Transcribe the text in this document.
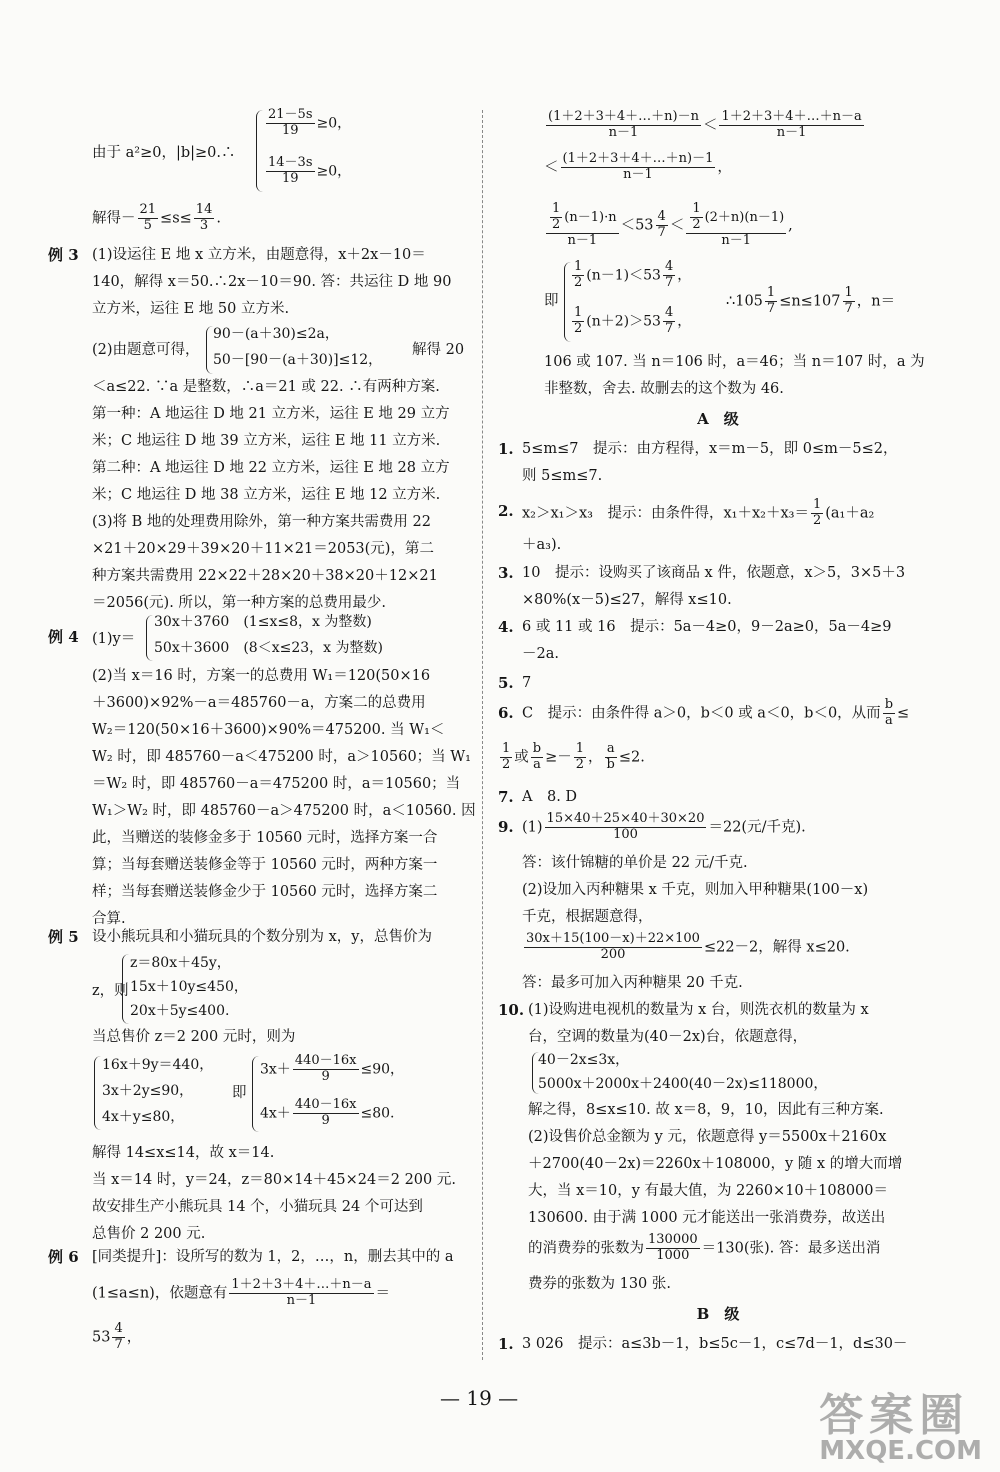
由于 a²≥0，|b|≥0.∴
$\frac{21-5s}{19} \ge 0$，
$\frac{14-3s}{19} \ge 0$，
解得－ $\frac{21}{5} \le s\le \frac{14}{3}$ .
例 3 (1)设运往 E 地 x 立方米，由题意得，x＋2x－10＝
140，解得 x＝50.∴2x－10＝90. 答：共运往 D 地 90
立方米，运往 E 地 50 立方米.
(2)由题意可得，
90－(a＋30)≤2a，
50－[90－(a＋30)]≤12，
解得 20
＜a≤22. ∵a 是整数，∴a＝21 或 22. ∴有两种方案.
第一种：A 地运往 D 地 21 立方米，运往 E 地 29 立方
米；C 地运往 D 地 39 立方米，运往 E 地 11 立方米.
第二种：A 地运往 D 地 22 立方米，运往 E 地 28 立方
米；C 地运往 D 地 38 立方米，运往 E 地 12 立方米.
(3)将 B 地的处理费用除外，第一种方案共需费用 22
×21＋20×29＋39×20＋11×21＝2053(元)，第二
种方案共需费用 22×22＋28×20＋38×20＋12×21
＝2056(元). 所以，第一种方案的总费用最少.
例 4 (1)y＝
30x＋3760　(1≤x≤8，x 为整数)
50x＋3600　(8＜x≤23，x 为整数)
(2)当 x＝16 时，方案一的总费用 W₁＝120(50×16
＋3600)×92%－a＝485760－a，方案二的总费用
W₂＝120(50×16＋3600)×90%＝475200. 当 W₁＜
W₂ 时，即 485760－a＜475200 时，a＞10560；当 W₁
＝W₂ 时，即 485760－a＝475200 时，a＝10560；当
W₁＞W₂ 时，即 485760－a＞475200 时，a＜10560. 因
此，当赠送的装修金多于 10560 元时，选择方案一合
算；当每套赠送装修金等于 10560 元时，两种方案一
样；当每套赠送装修金少于 10560 元时，选择方案二
合算.
例 5 设小熊玩具和小猫玩具的个数分别为 x，y，总售价为
z，则
z＝80x＋45y，
15x＋10y≤450，
20x＋5y≤400.
当总售价 z＝2 200 元时，则为
16x＋9y＝440，
3x＋2y≤90，
4x＋y≤80，
即
$3x+ \frac{440-16x}{9} \le 90$，
$4x+ \frac{440-16x}{9} \le 80$.
解得 14≤x≤14，故 x＝14.
当 x＝14 时，y＝24，z＝80×14＋45×24＝2 200 元.
故安排生产小熊玩具 14 个，小猫玩具 24 个可达到
总售价 2 200 元.
例 6 [同类提升]：设所写的数为 1，2，…，n，删去其中的 a
(1≤a≤n)，依题意有 $\frac{1+2+3+4+\dots+n-a}{n-1}$ ＝
$53 \frac{4}{7}$ ，
$\frac{(1+2+3+4+\dots+n)-n}{n-1} < \frac{1+2+3+4+\dots+n-a}{n-1}$
＜ $\frac{(1+2+3+4+\dots+n)-1}{n-1}$ ，
$\frac{\frac{1}{2} (n-1)\cdot n}{n-1} <53 \frac{4}{7} < \frac{\frac{1}{2} (2+n)(n-1)}{n-1}$ ,
即
$\frac{1}{2} (n-1)<53 \frac{4}{7}$ ，
$\frac{1}{2} (n+2)>53 \frac{4}{7}$ ，
∴105 $\frac{1}{7} \le n\le 107 \frac{1}{7}$ ，n＝
106 或 107. 当 n＝106 时，a＝46；当 n＝107 时，a 为
非整数，舍去. 故删去的这个数为 46.
A　级
1. 5≤m≤7　提示：由方程得，x＝m－5，即 0≤m－5≤2，
则 5≤m≤7.
2. x₂＞x₁＞x₃　提示：由条件得，$x_1+x_2+x_3= \frac{1}{2} (a_1+a_2$
＋a₃).
3. 10　提示：设购买了该商品 x 件，依题意，x＞5，3×5＋3
×80%(x－5)≤27，解得 x≤10.
4. 6 或 11 或 16　提示：5a－4≥0，9－2a≥0，5a－4≥9
－2a.
5. 7
6. C　提示：由条件得 a＞0，b＜0 或 a＜0，b＜0，从而 $\frac{b}{a}$ ≤
$\frac{1}{2}$ 或 $\frac{b}{a} \ge- \frac{1}{2}$ ， $\frac{a}{b} \le 2$.
7. A　8. D
9. $(1) \frac{15\times 40+25\times 40+30\times 20}{100} =22$(元/千克).
答：该什锦糖的单价是 22 元/千克.
(2)设加入丙种糖果 x 千克，则加入甲种糖果(100－x)
千克，根据题意得，
$\frac{30x+15(100-x)+22\times 100}{200} \le 22-2$，解得 x≤20.
答：最多可加入丙种糖果 20 千克.
10. (1)设购进电视机的数量为 x 台，则洗衣机的数量为 x
台，空调的数量为(40－2x)台，依题意得，
40－2x≤3x，
5000x＋2000x＋2400(40－2x)≤118000，
解之得，8≤x≤10. 故 x＝8，9，10，因此有三种方案.
(2)设售价总金额为 y 元，依题意得 y＝5500x＋2160x
＋2700(40－2x)＝2260x＋108000，y 随 x 的增大而增
大，当 x＝10，y 有最大值，为 2260×10＋108000＝
130600. 由于满 1000 元才能送出一张消费券，故送出
的消费券的张数为 $\frac{130000}{1000} =130$(张). 答：最多送出消
费券的张数为 130 张.
B　级
1. 3 026　提示：a≤3b－1，b≤5c－1，c≤7d－1，d≤30－
— 19 —	答案圈
MXQE.COM
